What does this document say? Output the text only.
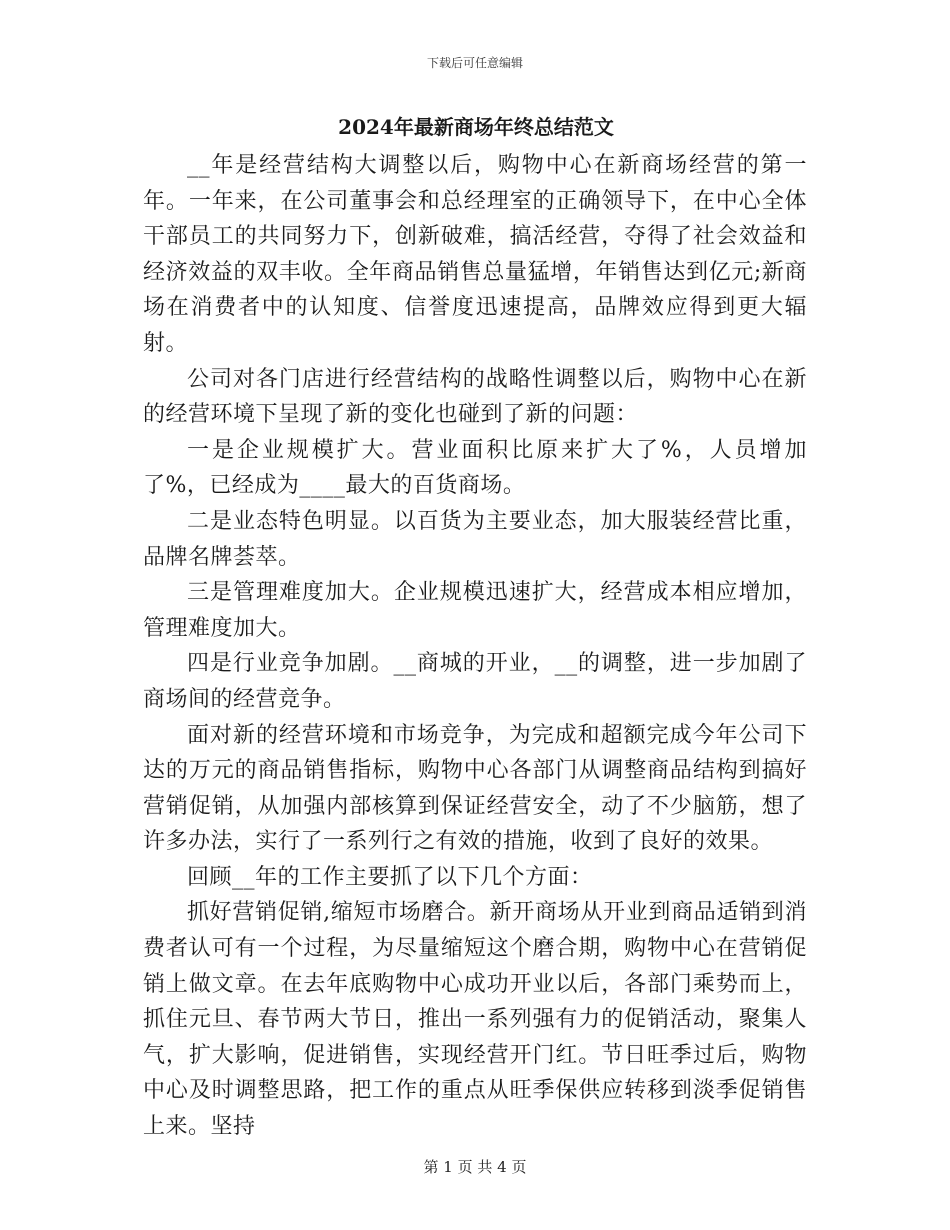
下载后可任意编辑
2024年最新商场年终总结范文

__年是经营结构大调整以后，购物中心在新商场经营的第一年。一年来，在公司董事会和总经理室的正确领导下，在中心全体干部员工的共同努力下，创新破难，搞活经营，夺得了社会效益和经济效益的双丰收。全年商品销售总量猛增，年销售达到亿元;新商场在消费者中的认知度、信誉度迅速提高，品牌效应得到更大辐射。

公司对各门店进行经营结构的战略性调整以后，购物中心在新的经营环境下呈现了新的变化也碰到了新的问题：

一是企业规模扩大。营业面积比原来扩大了%，人员增加了%，已经成为____最大的百货商场。

二是业态特色明显。以百货为主要业态，加大服装经营比重，品牌名牌荟萃。

三是管理难度加大。企业规模迅速扩大，经营成本相应增加，管理难度加大。

四是行业竞争加剧。__商城的开业，__的调整，进一步加剧了商场间的经营竞争。

面对新的经营环境和市场竞争，为完成和超额完成今年公司下达的万元的商品销售指标，购物中心各部门从调整商品结构到搞好营销促销，从加强内部核算到保证经营安全，动了不少脑筋，想了许多办法，实行了一系列行之有效的措施，收到了良好的效果。

回顾__年的工作主要抓了以下几个方面：

抓好营销促销,缩短市场磨合。新开商场从开业到商品适销到消费者认可有一个过程，为尽量缩短这个磨合期，购物中心在营销促销上做文章。在去年底购物中心成功开业以后，各部门乘势而上，抓住元旦、春节两大节日，推出一系列强有力的促销活动，聚集人气，扩大影响，促进销售，实现经营开门红。节日旺季过后，购物中心及时调整思路，把工作的重点从旺季保供应转移到淡季促销售上来。坚持

第 1 页 共 4 页
